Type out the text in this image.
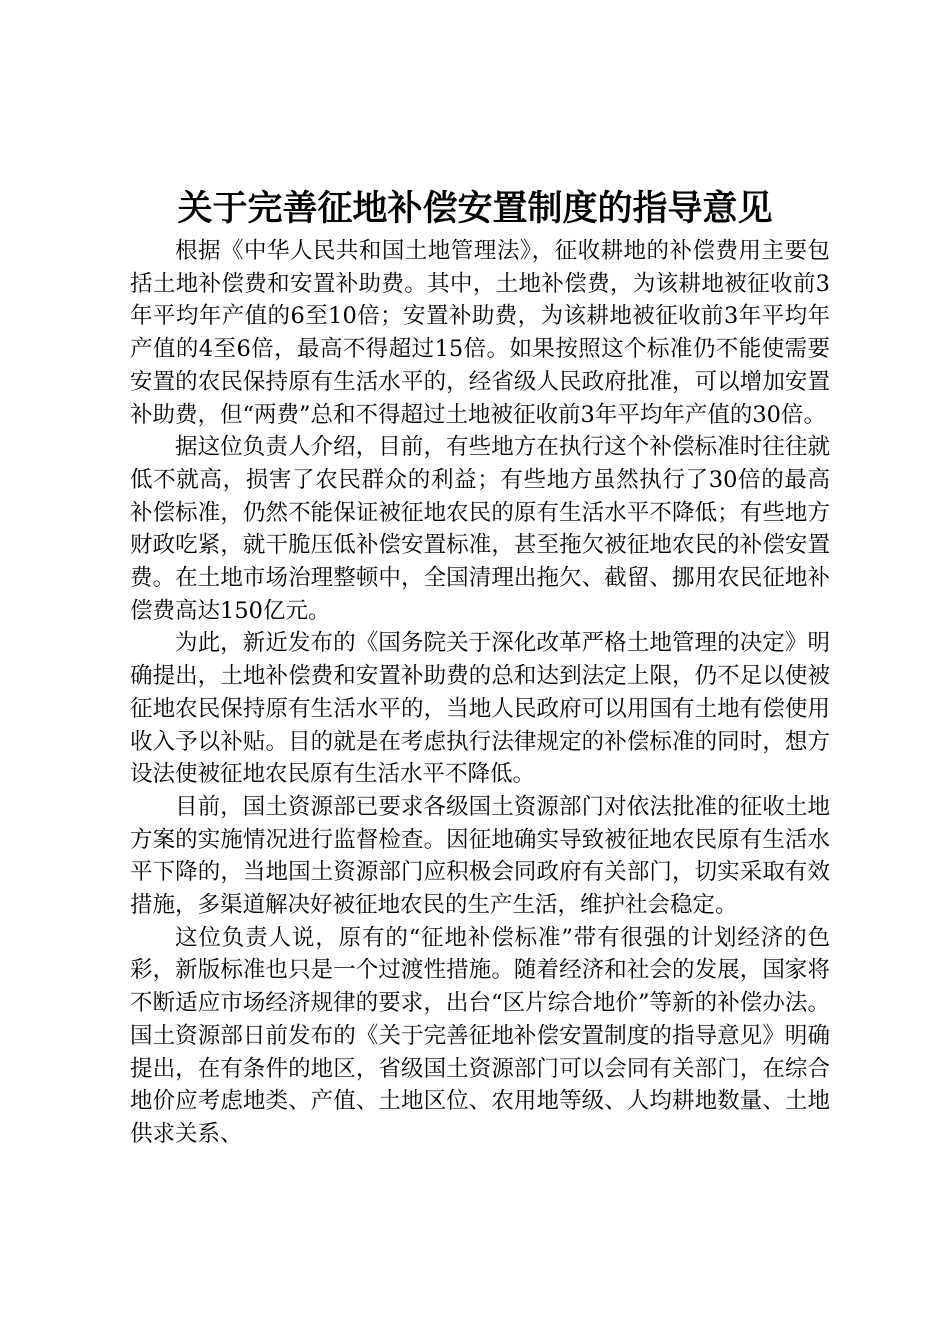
关于完善征地补偿安置制度的指导意见

根据《中华人民共和国土地管理法》，征收耕地的补偿费用主要包括土地补偿费和安置补助费。其中，土地补偿费，为该耕地被征收前3年平均年产值的6至10倍；安置补助费，为该耕地被征收前3年平均年产值的4至6倍，最高不得超过15倍。如果按照这个标准仍不能使需要安置的农民保持原有生活水平的，经省级人民政府批准，可以增加安置补助费，但“两费”总和不得超过土地被征收前3年平均年产值的30倍。

据这位负责人介绍，目前，有些地方在执行这个补偿标准时往往就低不就高，损害了农民群众的利益；有些地方虽然执行了30倍的最高补偿标准，仍然不能保证被征地农民的原有生活水平不降低；有些地方财政吃紧，就干脆压低补偿安置标准，甚至拖欠被征地农民的补偿安置费。在土地市场治理整顿中，全国清理出拖欠、截留、挪用农民征地补偿费高达150亿元。

为此，新近发布的《国务院关于深化改革严格土地管理的决定》明确提出，土地补偿费和安置补助费的总和达到法定上限，仍不足以使被征地农民保持原有生活水平的，当地人民政府可以用国有土地有偿使用收入予以补贴。目的就是在考虑执行法律规定的补偿标准的同时，想方设法使被征地农民原有生活水平不降低。

目前，国土资源部已要求各级国土资源部门对依法批准的征收土地方案的实施情况进行监督检查。因征地确实导致被征地农民原有生活水平下降的，当地国土资源部门应积极会同政府有关部门，切实采取有效措施，多渠道解决好被征地农民的生产生活，维护社会稳定。

这位负责人说，原有的“征地补偿标准”带有很强的计划经济的色彩，新版标准也只是一个过渡性措施。随着经济和社会的发展，国家将不断适应市场经济规律的要求，出台“区片综合地价”等新的补偿办法。国土资源部日前发布的《关于完善征地补偿安置制度的指导意见》明确提出，在有条件的地区，省级国土资源部门可以会同有关部门，在综合地价应考虑地类、产值、土地区位、农用地等级、人均耕地数量、土地供求关系、
